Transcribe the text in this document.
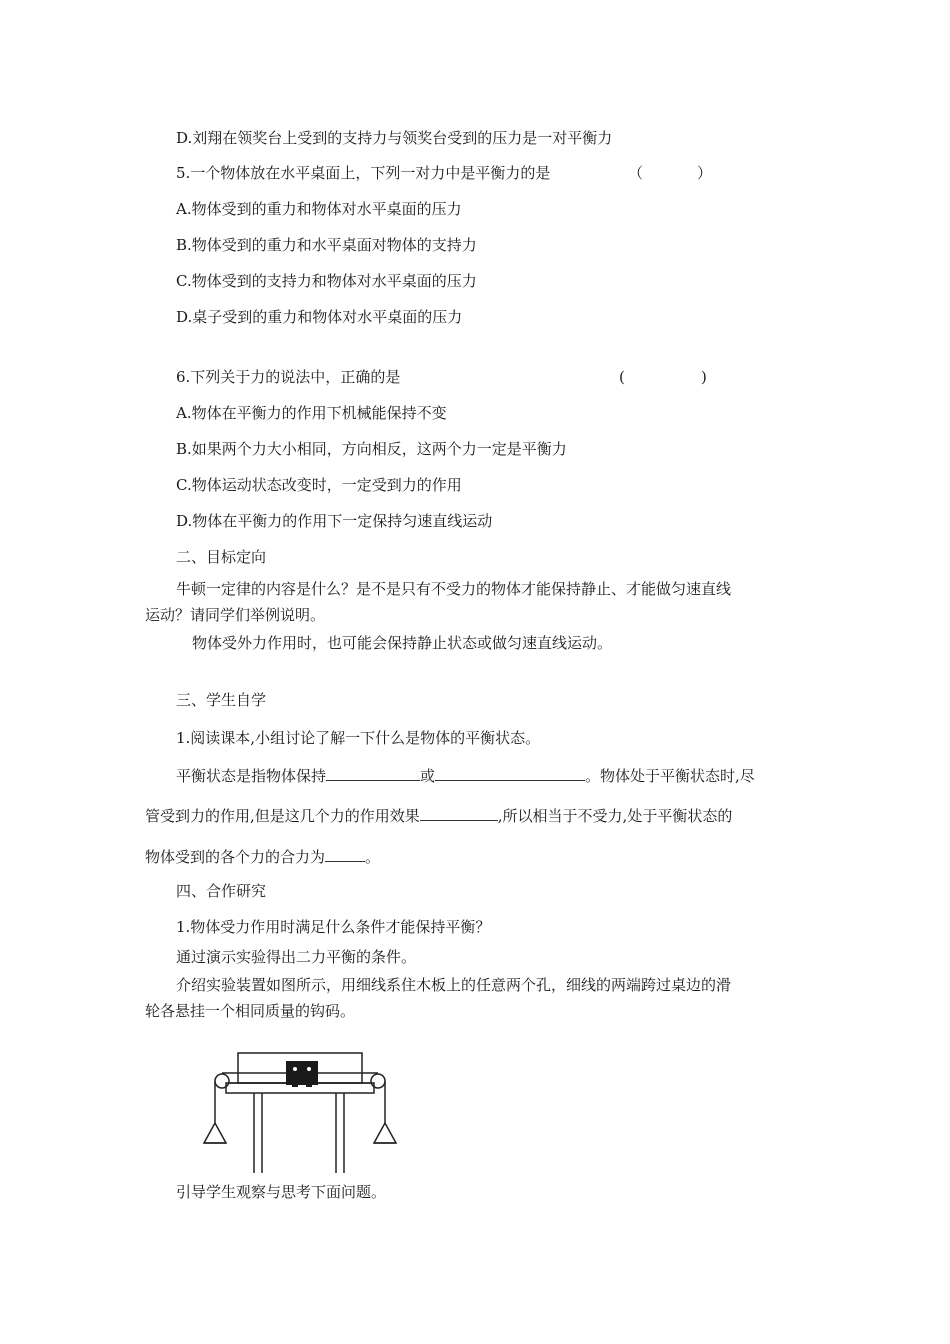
D.刘翔在领奖台上受到的支持力与领奖台受到的压力是一对平衡力
5.一个物体放在水平桌面上，下列一对力中是平衡力的是	（	）
A.物体受到的重力和物体对水平桌面的压力
B.物体受到的重力和水平桌面对物体的支持力
C.物体受到的支持力和物体对水平桌面的压力
D.桌子受到的重力和物体对水平桌面的压力
6.下列关于力的说法中，正确的是	(	)
A.物体在平衡力的作用下机械能保持不变
B.如果两个力大小相同，方向相反，这两个力一定是平衡力
C.物体运动状态改变时，一定受到力的作用
D.物体在平衡力的作用下一定保持匀速直线运动
二、目标定向
牛顿一定律的内容是什么？是不是只有不受力的物体才能保持静止、才能做匀速直线
运动？请同学们举例说明。
物体受外力作用时，也可能会保持静止状态或做匀速直线运动。
三、学生自学
1.阅读课本,小组讨论了解一下什么是物体的平衡状态。
平衡状态是指物体保持	或	。物体处于平衡状态时,尽
管受到力的作用,但是这几个力的作用效果	,所以相当于不受力,处于平衡状态的
物体受到的各个力的合力为	。
四、合作研究
1.物体受力作用时满足什么条件才能保持平衡？
通过演示实验得出二力平衡的条件。
介绍实验装置如图所示，用细线系住木板上的任意两个孔，细线的两端跨过桌边的滑
轮各悬挂一个相同质量的钩码。
引导学生观察与思考下面问题。
